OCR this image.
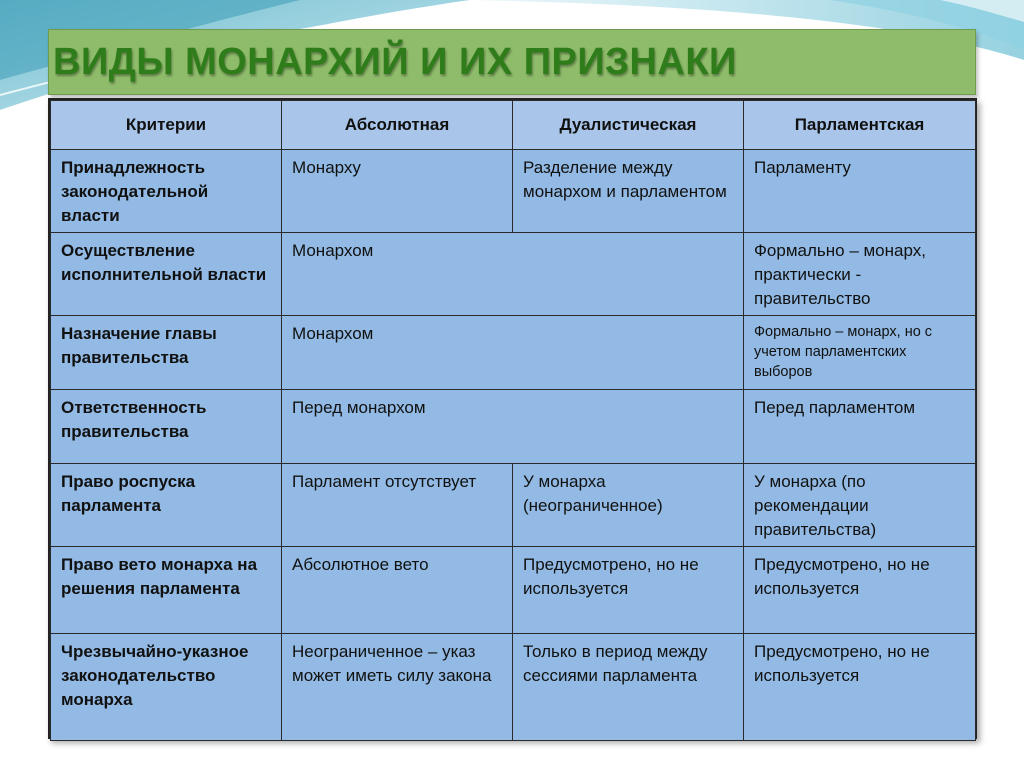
ВИДЫ МОНАРХИЙ И ИХ ПРИЗНАКИ
Критерии	Абсолютная	Дуалистическая	Парламентская
Принадлежность законодательной власти	Монарху	Разделение между монархом и парламентом	Парламенту
Осуществление исполнительной власти	Монархом		Формально – монарх, практически - правительство
Назначение главы правительства	Монархом		Формально – монарх, но с учетом парламентских выборов
Ответственность правительства	Перед монархом		Перед парламентом
Право роспуска парламента	Парламент отсутствует	У монарха (неограниченное)	У монарха (по рекомендации правительства)
Право вето монарха на решения парламента	Абсолютное вето	Предусмотрено, но не используется	Предусмотрено, но не используется
Чрезвычайно-указное законодательство монарха	Неограниченное – указ может иметь силу закона	Только в период между сессиями парламента	Предусмотрено, но не используется
